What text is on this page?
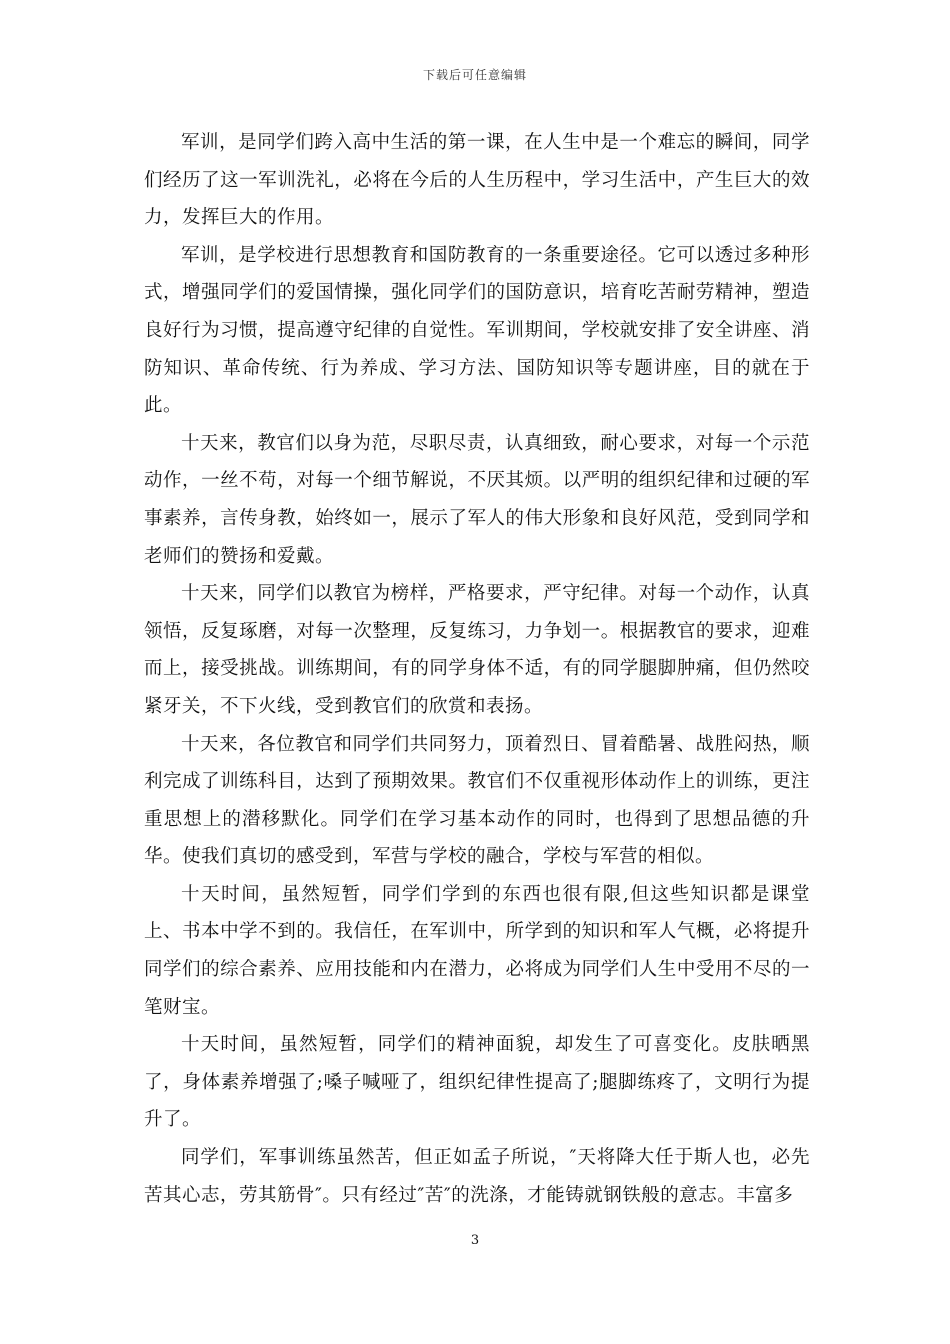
下载后可任意编辑

军训，是同学们跨入高中生活的第一课，在人生中是一个难忘的瞬间，同学们经历了这一军训洗礼，必将在今后的人生历程中，学习生活中，产生巨大的效力，发挥巨大的作用。

军训，是学校进行思想教育和国防教育的一条重要途径。它可以透过多种形式，增强同学们的爱国情操，强化同学们的国防意识，培育吃苦耐劳精神，塑造良好行为习惯，提高遵守纪律的自觉性。军训期间，学校就安排了安全讲座、消防知识、革命传统、行为养成、学习方法、国防知识等专题讲座，目的就在于此。

十天来，教官们以身为范，尽职尽责，认真细致，耐心要求，对每一个示范动作，一丝不苟，对每一个细节解说，不厌其烦。以严明的组织纪律和过硬的军事素养，言传身教，始终如一，展示了军人的伟大形象和良好风范，受到同学和老师们的赞扬和爱戴。

十天来，同学们以教官为榜样，严格要求，严守纪律。对每一个动作，认真领悟，反复琢磨，对每一次整理，反复练习，力争划一。根据教官的要求，迎难而上，接受挑战。训练期间，有的同学身体不适，有的同学腿脚肿痛，但仍然咬紧牙关，不下火线，受到教官们的欣赏和表扬。

十天来，各位教官和同学们共同努力，顶着烈日、冒着酷暑、战胜闷热，顺利完成了训练科目，达到了预期效果。教官们不仅重视形体动作上的训练，更注重思想上的潜移默化。同学们在学习基本动作的同时，也得到了思想品德的升华。使我们真切的感受到，军营与学校的融合，学校与军营的相似。

十天时间，虽然短暂，同学们学到的东西也很有限,但这些知识都是课堂上、书本中学不到的。我信任，在军训中，所学到的知识和军人气概，必将提升同学们的综合素养、应用技能和内在潜力，必将成为同学们人生中受用不尽的一笔财宝。

十天时间，虽然短暂，同学们的精神面貌，却发生了可喜变化。皮肤晒黑了，身体素养增强了;嗓子喊哑了，组织纪律性提高了;腿脚练疼了，文明行为提升了。

同学们，军事训练虽然苦，但正如孟子所说，″天将降大任于斯人也，必先苦其心志，劳其筋骨″。只有经过″苦″的洗涤，才能铸就钢铁般的意志。丰富多

3
